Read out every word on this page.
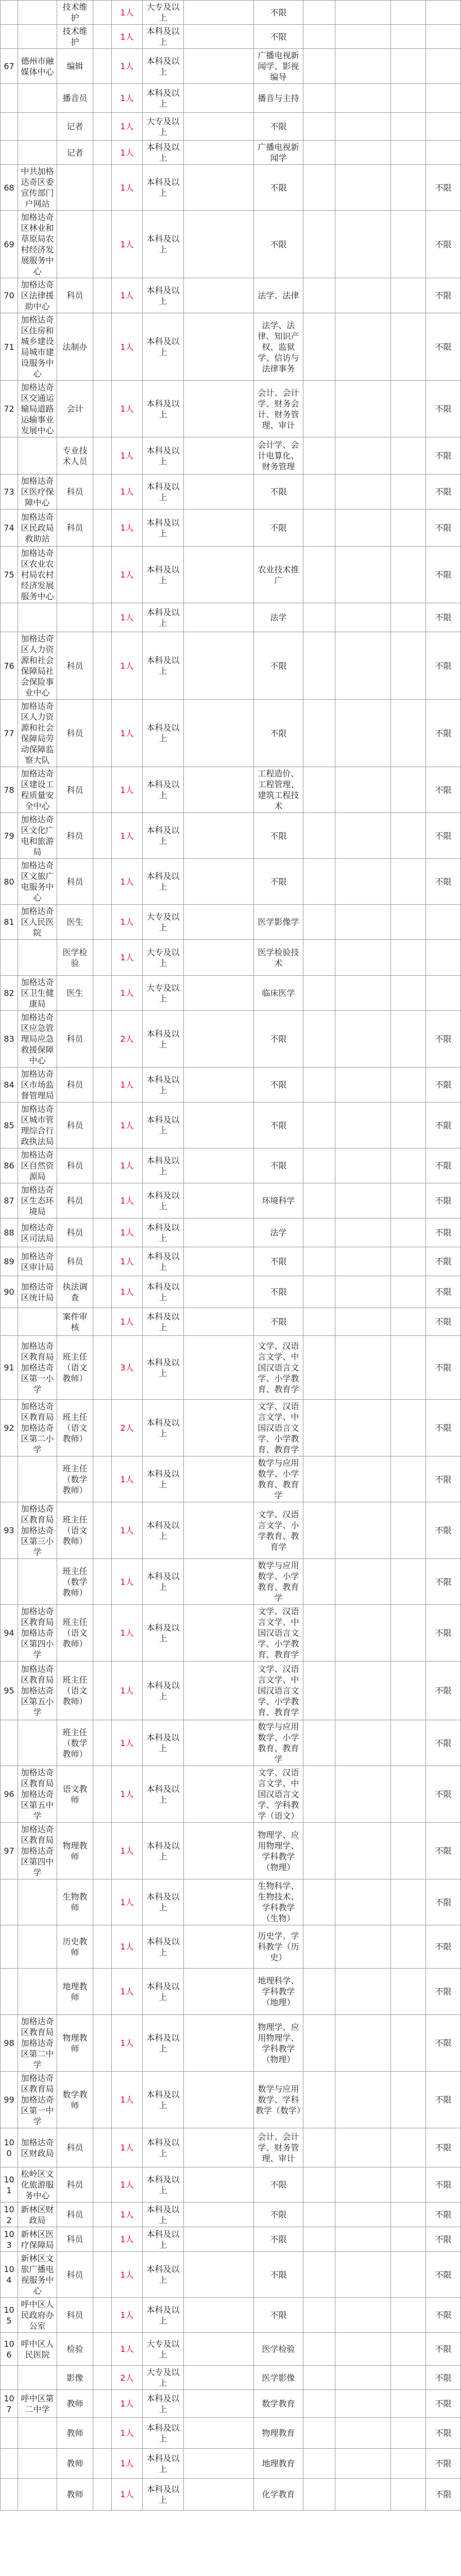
		技术维护		1人	大专及以上		不限				
		技术维护		1人	本科及以上		不限				
67	德州市融媒体中心	编辑		1人	本科及以上		广播电视新闻学、影视编导				
		播音员		1人	本科及以上		播音与主持				
		记者		1人	大专及以上		不限				
		记者		1人	本科及以上		广播电视新闻学				
68	中共加格达奇区委宣传部门户网站			1人	本科及以上		不限				不限
69	加格达奇区林业和草原局农村经济发展服务中心			1人	本科及以上		不限				不限
70	加格达奇区法律援助中心	科员		1人	本科及以上		法学、法律				不限
71	加格达奇区住房和城乡建设局城市建设服务中心	法制办		1人	本科及以上		法学、法律、知识产权、监狱学、信访与法律事务				不限
72	加格达奇区交通运输局道路运输事业发展中心	会计		1人	本科及以上		会计、会计学、财务会计、财务管理、审计				不限
		专业技术人员		1人	本科及以上		会计学、会计电算化、财务管理				不限
73	加格达奇区医疗保障中心	科员		1人	本科及以上		不限				不限
74	加格达奇区民政局救助站	科员		1人	本科及以上		不限				不限
75	加格达奇区农业农村局农村经济发展服务中心			1人	本科及以上		农业技术推广				不限
				1人	本科及以上		法学				不限
76	加格达奇区人力资源和社会保障局社会保险事业中心	科员		1人	本科及以上		不限				不限
77	加格达奇区人力资源和社会保障局劳动保障监察大队	科员		1人	本科及以上		不限				不限
78	加格达奇区建设工程质量安全中心	科员		1人	本科及以上		工程造价、工程管理、建筑工程技术				不限
79	加格达奇区文化广电和旅游局	科员		1人	本科及以上		不限				不限
80	加格达奇区文旅广电服务中心	科员		1人	本科及以上		不限				不限
81	加格达奇区人民医院	医生		1人	大专及以上		医学影像学				
		医学检验		1人	大专及以上		医学检验技术				
82	加格达奇区卫生健康局	医生		1人	大专及以上		临床医学				
83	加格达奇区应急管理局应急救援保障中心	科员		2人	本科及以上		不限				不限
84	加格达奇区市场监督管理局	科员		1人	本科及以上		不限				不限
85	加格达奇区城市管理综合行政执法局	科员		1人	本科及以上		不限				不限
86	加格达奇区自然资源局	科员		1人	本科及以上		不限				不限
87	加格达奇区生态环境局	科员		1人	本科及以上		环境科学				不限
88	加格达奇区司法局	科员		1人	本科及以上		法学				不限
89	加格达奇区审计局	科员		1人	本科及以上		不限				不限
90	加格达奇区统计局	执法调查		1人	本科及以上		不限				不限
		案件审核		1人	本科及以上		不限				不限
91	加格达奇区教育局加格达奇区第一小学	班主任（语文教师）		3人	本科及以上		文学、汉语言文学、中国汉语言文学、小学教育、教育学				不限
92	加格达奇区教育局加格达奇区第二小学	班主任（语文教师）		2人	本科及以上		文学、汉语言文学、中国汉语言文学、小学教育、教育学				不限
		班主任（数学教师）		1人	本科及以上		数学与应用数学、小学教育、教育学				不限
93	加格达奇区教育局加格达奇区第三小学	班主任（语文教师）		1人	本科及以上		文学、汉语言文学、小学教育、教育学				不限
		班主任（数学教师）		1人	本科及以上		数学与应用数学、小学教育、教育学				不限
94	加格达奇区教育局加格达奇区第四小学	班主任（语文教师）		1人	本科及以上		文学、汉语言文学、中国汉语言文学、小学教育、教育学				不限
95	加格达奇区教育局加格达奇区第五小学	班主任（语文教师）		1人	本科及以上		文学、汉语言文学、中国汉语言文学、小学教育、教育学				不限
		班主任（数学教师）		1人	本科及以上		数学与应用数学、小学教育、教育学				不限
96	加格达奇区教育局加格达奇区第五中学	语文教师		1人	本科及以上		文学、汉语言文学、中国汉语言文学、学科教学（语文）				不限
97	加格达奇区教育局加格达奇区第四中学	物理教师		1人	本科及以上		物理学、应用物理学、学科教学（物理）				不限
		生物教师		1人	本科及以上		生物科学、生物技术、学科教学（生物）				不限
		历史教师		1人	本科及以上		历史学、学科教学（历史）				不限
		地理教师		1人	本科及以上		地理科学、学科教学（地理）				不限
98	加格达奇区教育局加格达奇区第二中学	物理教师		1人	本科及以上		物理学、应用物理学、学科教学（物理）				不限
99	加格达奇区教育局加格达奇区第一中学	数学教师		1人	本科及以上		数学与应用数学、学科教学（数学）				不限
100	加格达奇区财政局	科员		1人	本科及以上		会计、会计学、财务管理、审计				不限
101	松岭区文化旅游服务中心	科员		1人	本科及以上		不限				不限
102	新林区财政局	科员		1人	本科及以上		不限				不限
103	新林区医疗保障局	科员		1人	本科及以上		不限				不限
104	新林区文旅广播电视服务中心	科员		1人	本科及以上		不限				不限
105	呼中区人民政府办公室	科员		1人	本科及以上		不限				不限
106	呼中区人民医院	检验		1人	大专及以上		医学检验				不限
		影像		2人	大专及以上		医学影像				不限
107	呼中区第二中学	教师		1人	本科及以上		数学教育				不限
		教师		1人	本科及以上		物理教育				不限
		教师		1人	本科及以上		地理教育				不限
		教师		1人	本科及以上		化学教育				不限
